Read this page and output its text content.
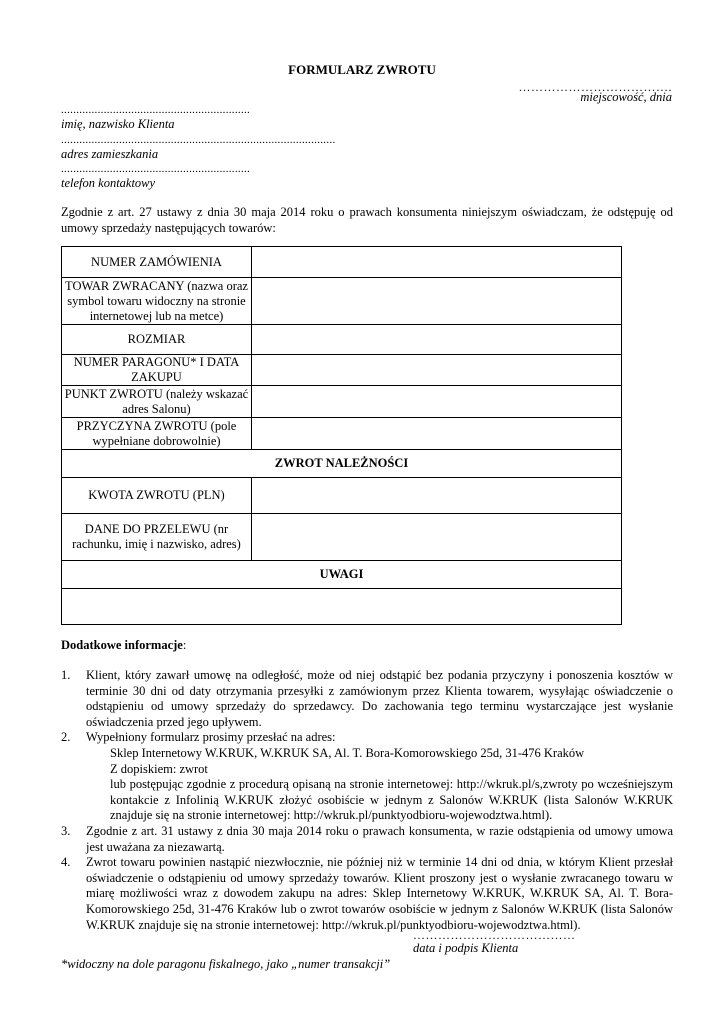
FORMULARZ ZWROTU
……………………………….
miejscowość, dnia
..............................................................
imię, nazwisko Klienta
..........................................................................................
adres zamieszkania
..............................................................
telefon kontaktowy
Zgodnie z art. 27 ustawy z dnia 30 maja 2014 roku o prawach konsumenta niniejszym oświadczam, że odstępuję od umowy sprzedaży następujących towarów:
NUMER ZAMÓWIENIA	
TOWAR ZWRACANY (nazwa oraz symbol towaru widoczny na stronie internetowej lub na metce)	
ROZMIAR	
NUMER PARAGONU* I DATA ZAKUPU	
PUNKT ZWROTU (należy wskazać adres Salonu)	
PRZYCZYNA ZWROTU (pole wypełniane dobrowolnie)	
ZWROT NALEŻNOŚCI	
KWOTA ZWROTU (PLN)	
DANE DO PRZELEWU (nr rachunku, imię i nazwisko, adres)	
UWAGI	

Dodatkowe informacje:
1. Klient, który zawarł umowę na odległość, może od niej odstąpić bez podania przyczyny i ponoszenia kosztów w terminie 30 dni od daty otrzymania przesyłki z zamówionym przez Klienta towarem, wysyłając oświadczenie o odstąpieniu od umowy sprzedaży do sprzedawcy. Do zachowania tego terminu wystarczające jest wysłanie oświadczenia przed jego upływem.
2. Wypełniony formularz prosimy przesłać na adres:
Sklep Internetowy W.KRUK, W.KRUK SA, Al. T. Bora-Komorowskiego 25d, 31-476 Kraków
Z dopiskiem: zwrot
lub postępując zgodnie z procedurą opisaną na stronie internetowej: http://wkruk.pl/s,zwroty po wcześniejszym kontakcie z Infolinią W.KRUK złożyć osobiście w jednym z Salonów W.KRUK (lista Salonów W.KRUK znajduje się na stronie internetowej: http://wkruk.pl/punktyodbioru-wojewodztwa.html).
3. Zgodnie z art. 31 ustawy z dnia 30 maja 2014 roku o prawach konsumenta, w razie odstąpienia od umowy umowa jest uważana za niezawartą.
4. Zwrot towaru powinien nastąpić niezwłocznie, nie później niż w terminie 14 dni od dnia, w którym Klient przesłał oświadczenie o odstąpieniu od umowy sprzedaży towarów. Klient proszony jest o wysłanie zwracanego towaru w miarę możliwości wraz z dowodem zakupu na adres: Sklep Internetowy W.KRUK, W.KRUK SA, Al. T. Bora-Komorowskiego 25d, 31-476 Kraków lub o zwrot towarów osobiście w jednym z Salonów W.KRUK (lista Salonów W.KRUK znajduje się na stronie internetowej: http://wkruk.pl/punktyodbioru-wojewodztwa.html).
…………………………………
data i podpis Klienta
*widoczny na dole paragonu fiskalnego, jako „numer transakcji”
